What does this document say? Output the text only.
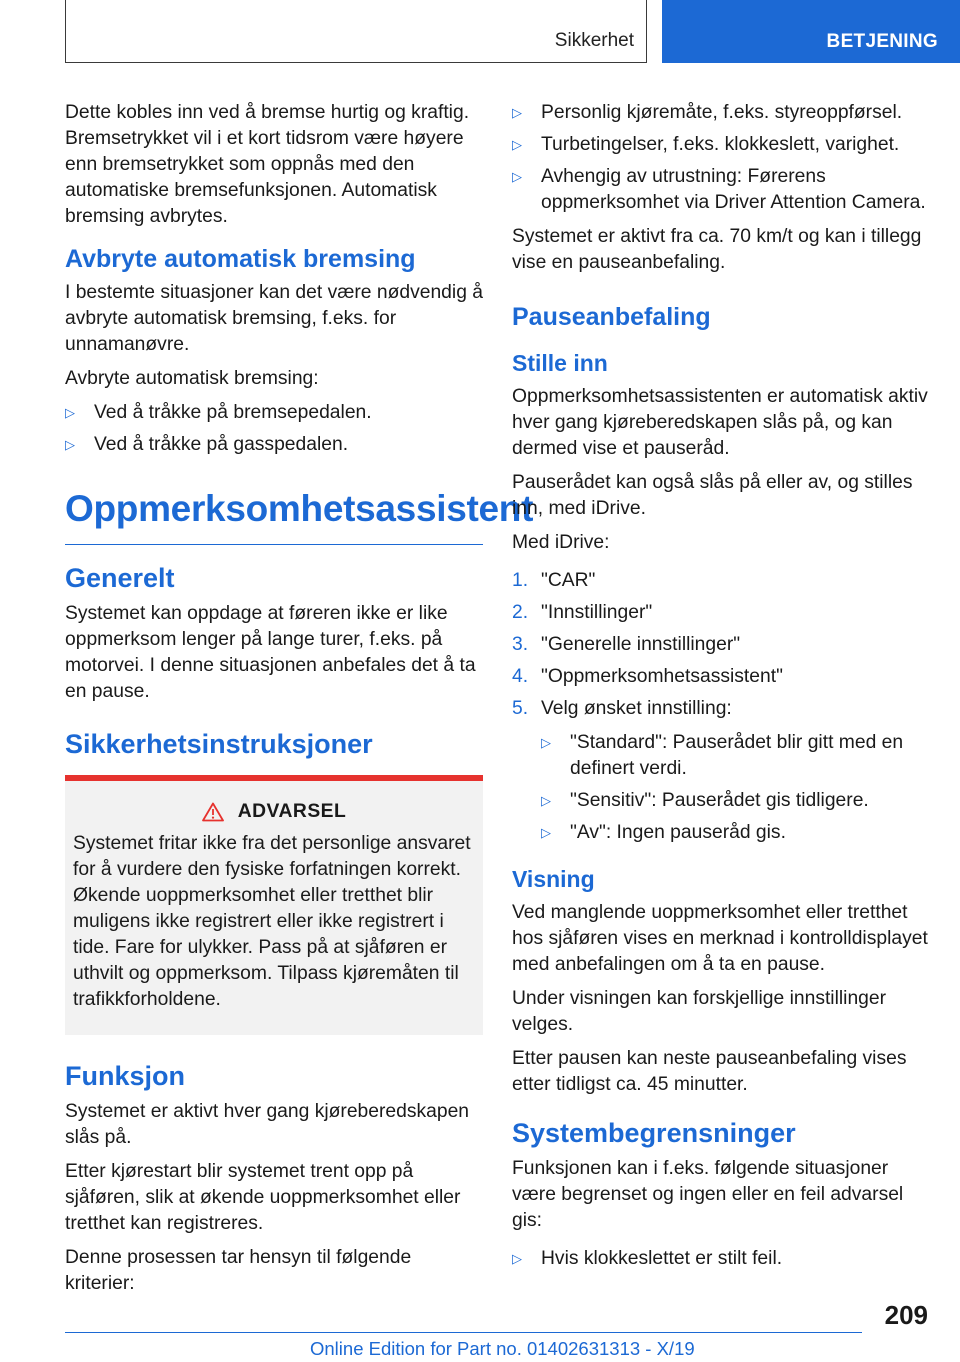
Sikkerhet	BETJENING

Dette kobles inn ved å bremse hurtig og kraftig. Bremsetrykket vil i et kort tidsrom være høyere enn bremsetrykket som oppnås med den automatiske bremsefunksjonen. Automatisk bremsing avbrytes.

Avbryte automatisk bremsing

I bestemte situasjoner kan det være nødvendig å avbryte automatisk bremsing, f.eks. for unnamanøvre.

Avbryte automatisk bremsing:

▷ Ved å tråkke på bremsepedalen.
▷ Ved å tråkke på gasspedalen.
Oppmerksomhetsassistent
Generelt

Systemet kan oppdage at føreren ikke er like oppmerksom lenger på lange turer, f.eks. på motorvei. I denne situasjonen anbefales det å ta en pause.

Sikkerhetsinstruksjoner
ADVARSEL

Systemet fritar ikke fra det personlige ansvaret for å vurdere den fysiske forfatningen korrekt. Økende uoppmerksomhet eller tretthet blir muligens ikke registrert eller ikke registrert i tide. Fare for ulykker. Pass på at sjåføren er uthvilt og oppmerksom. Tilpass kjøremåten til trafikkforholdene.

Funksjon

Systemet er aktivt hver gang kjøreberedskapen slås på.

Etter kjørestart blir systemet trent opp på sjåføren, slik at økende uoppmerksomhet eller tretthet kan registreres.

Denne prosessen tar hensyn til følgende kriterier:

▷ Personlig kjøremåte, f.eks. styreoppførsel.
▷ Turbetingelser, f.eks. klokkeslett, varighet.
▷ Avhengig av utrustning: Førerens oppmerksomhet via Driver Attention Camera.

Systemet er aktivt fra ca. 70 km/t og kan i tillegg vise en pauseanbefaling.

Pauseanbefaling
Stille inn

Oppmerksomhetsassistenten er automatisk aktiv hver gang kjøreberedskapen slås på, og kan dermed vise et pauseråd.

Pauserådet kan også slås på eller av, og stilles inn, med iDrive.

Med iDrive:

1. "CAR"
2. "Innstillinger"
3. "Generelle innstillinger"
4. "Oppmerksomhetsassistent"
5. Velg ønsket innstilling:
▷ "Standard": Pauserådet blir gitt med en definert verdi.
▷ "Sensitiv": Pauserådet gis tidligere.
▷ "Av": Ingen pauseråd gis.
Visning

Ved manglende uoppmerksomhet eller tretthet hos sjåføren vises en merknad i kontrolldisplayet med anbefalingen om å ta en pause.

Under visningen kan forskjellige innstillinger velges.

Etter pausen kan neste pauseanbefaling vises etter tidligst ca. 45 minutter.

Systembegrensninger

Funksjonen kan i f.eks. følgende situasjoner være begrenset og ingen eller en feil advarsel gis:

▷ Hvis klokkeslettet er stilt feil.
209
Online Edition for Part no. 01402631313 - X/19
